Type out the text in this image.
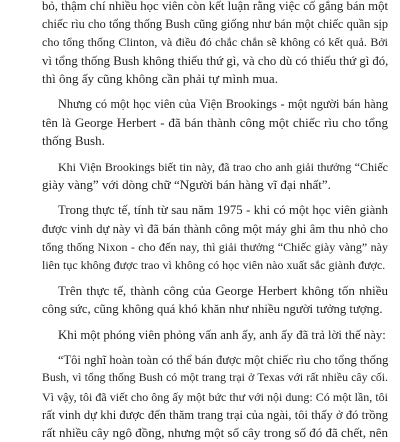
bỏ, thậm chí nhiều học viên còn kết luận rằng việc cố gắng bán một

chiếc rìu cho tổng thống Bush cũng giống như bán một chiếc quần sịp

cho tổng thống Clinton, và điều đó chắc chắn sẽ không có kết quả. Bởi

vì tổng thống Bush không thiếu thứ gì, và cho dù có thiếu thứ gì đó,

thì ông ấy cũng không cần phải tự mình mua.

Nhưng có một học viên của Viện Brookings - một người bán hàng

tên là George Herbert - đã bán thành công một chiếc rìu cho tổng

thống Bush.

Khi Viện Brookings biết tin này, đã trao cho anh giải thưởng “Chiếc

giày vàng” với dòng chữ “Người bán hàng vĩ đại nhất”.

Trong thực tế, tính từ sau năm 1975 - khi có một học viên giành

được vinh dự này vì đã bán thành công một máy ghi âm thu nhỏ cho

tổng thống Nixon - cho đến nay, thì giải thưởng “Chiếc giày vàng” này

liên tục không được trao vì không có học viên nào xuất sắc giành được.

Trên thực tế, thành công của George Herbert không tốn nhiều

công sức, cũng không quá khó khăn như nhiều người tưởng tượng.

Khi một phóng viên phỏng vấn anh ấy, anh ấy đã trả lời thế này:

“Tôi nghĩ hoàn toàn có thể bán được một chiếc rìu cho tổng thống

Bush, vì tổng thống Bush có một trang trại ở Texas với rất nhiều cây cối.

Vì vậy, tôi đã viết cho ông ấy một bức thư với nội dung: Có một lần, tôi

rất vinh dự khi được đến thăm trang trại của ngài, tôi thấy ở đó trồng

rất nhiều cây ngô đồng, nhưng một số cây trong số đó đã chết, nên
